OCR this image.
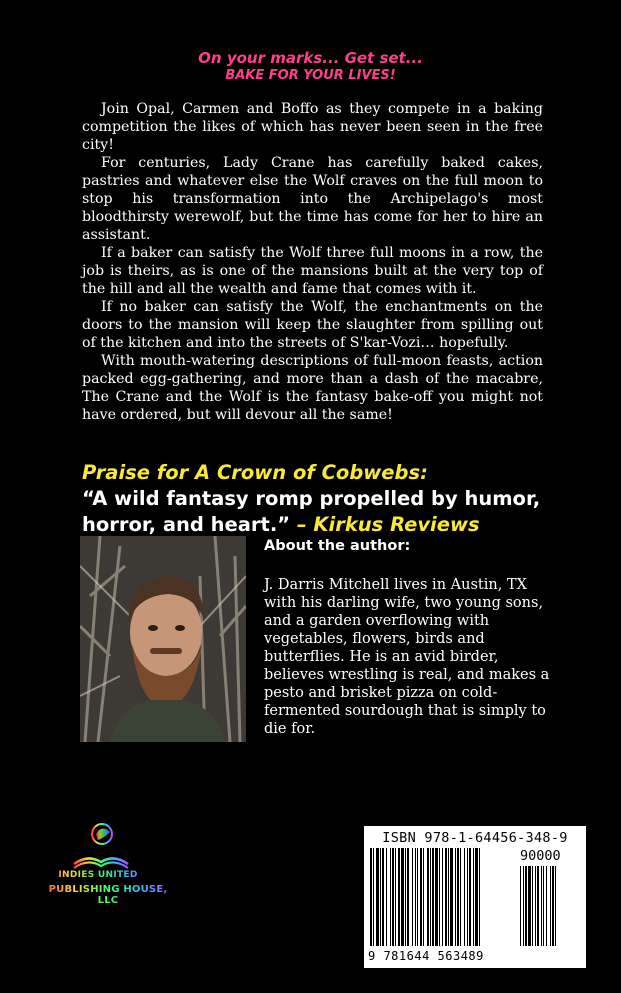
On your marks... Get set...
BAKE FOR YOUR LIVES!

Join Opal, Carmen and Boffo as they compete in a baking competition the likes of which has never been seen in the free city!

For centuries, Lady Crane has carefully baked cakes, pastries and whatever else the Wolf craves on the full moon to stop his transformation into the Archipelago's most bloodthirsty werewolf, but the time has come for her to hire an assistant.

If a baker can satisfy the Wolf three full moons in a row, the job is theirs, as is one of the mansions built at the very top of the hill and all the wealth and fame that comes with it.

If no baker can satisfy the Wolf, the enchantments on the doors to the mansion will keep the slaughter from spilling out of the kitchen and into the streets of S'kar-Vozi… hopefully.

With mouth-watering descriptions of full-moon feasts, action packed egg-gathering, and more than a dash of the macabre, The Crane and the Wolf is the fantasy bake-off you might not have ordered, but will devour all the same!

Praise for A Crown of Cobwebs:
“A wild fantasy romp propelled by humor, horror, and heart.” – Kirkus Reviews
About the author:

J. Darris Mitchell lives in Austin, TX with his darling wife, two young sons, and a garden overflowing with vegetables, flowers, birds and butterflies. He is an avid birder, believes wrestling is real, and makes a pesto and brisket pizza on cold-fermented sourdough that is simply to die for.

INDIES UNITED
PUBLISHING HOUSE, LLC
ISBN 978-1-64456-348-9
90000
9 781644 563489
